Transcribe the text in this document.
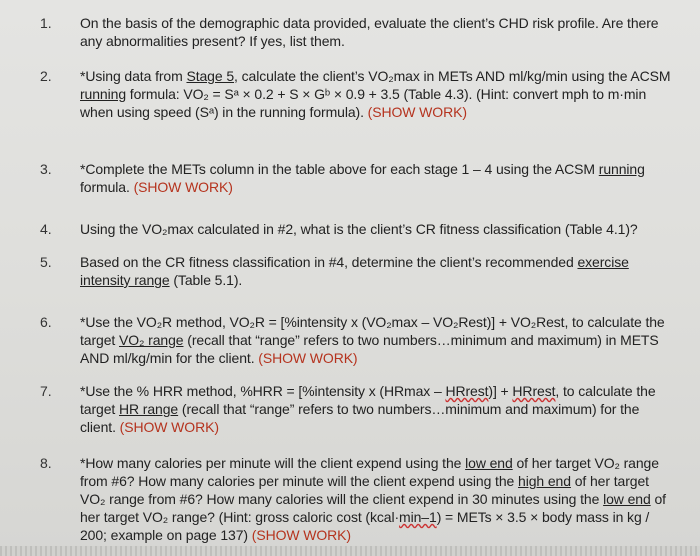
1. On the basis of the demographic data provided, evaluate the client’s CHD risk profile. Are there any abnormalities present? If yes, list them.
2. *Using data from Stage 5, calculate the client’s VO₂max in METs AND ml/kg/min using the ACSM running formula: VO₂ = Sᵃ × 0.2 + S × Gᵇ × 0.9 + 3.5 (Table 4.3). (Hint: convert mph to m·min when using speed (Sᵃ) in the running formula). (SHOW WORK)
3. *Complete the METs column in the table above for each stage 1 – 4 using the ACSM running formula. (SHOW WORK)
4. Using the VO₂max calculated in #2, what is the client’s CR fitness classification (Table 4.1)?
5. Based on the CR fitness classification in #4, determine the client’s recommended exercise intensity range (Table 5.1).
6. *Use the VO₂R method, VO₂R = [%intensity x (VO₂max – VO₂Rest)] + VO₂Rest, to calculate the target VO₂ range (recall that “range” refers to two numbers…minimum and maximum) in METS AND ml/kg/min for the client. (SHOW WORK)
7. *Use the % HRR method, %HRR = [%intensity x (HRmax – HRrest)] + HRrest, to calculate the target HR range (recall that “range” refers to two numbers…minimum and maximum) for the client. (SHOW WORK)
8. *How many calories per minute will the client expend using the low end of her target VO₂ range from #6? How many calories per minute will the client expend using the high end of her target VO₂ range from #6? How many calories will the client expend in 30 minutes using the low end of her target VO₂ range? (Hint: gross caloric cost (kcal·min–1) = METs × 3.5 × body mass in kg / 200; example on page 137) (SHOW WORK)
